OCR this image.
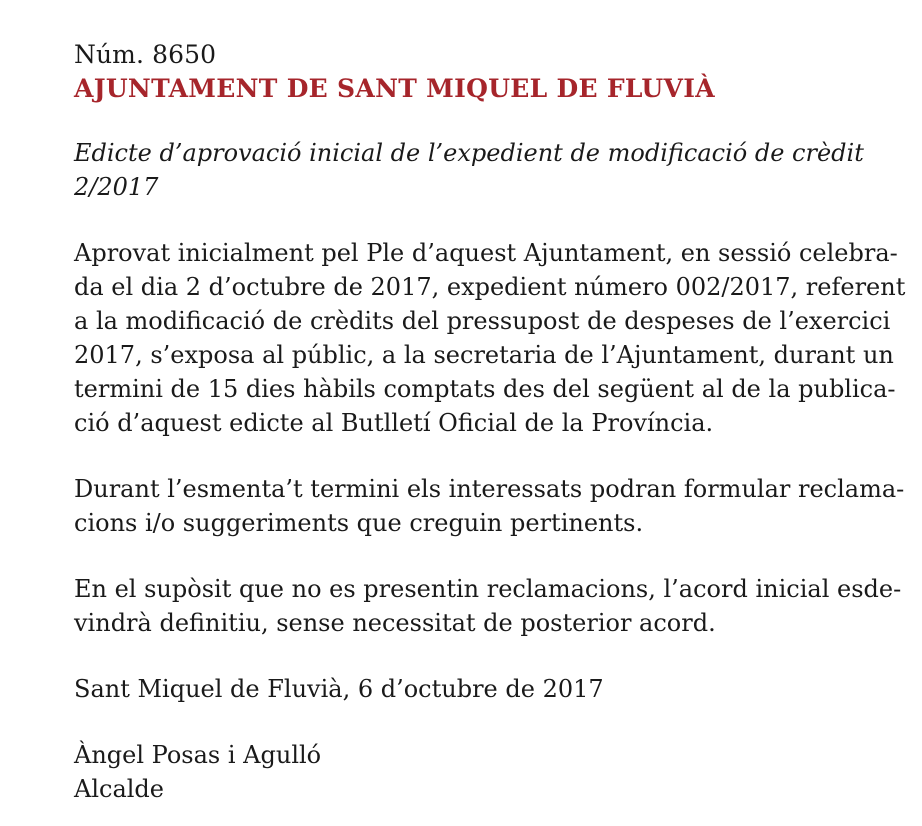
Núm. 8650

AJUNTAMENT DE SANT MIQUEL DE FLUVIÀ

Edicte d’aprovació inicial de l’expedient de modificació de crèdit 2/2017

Aprovat inicialment pel Ple d’aquest Ajuntament, en sessió celebra-
da el dia 2 d’octubre de 2017, expedient número 002/2017, referent
a la modificació de crèdits del pressupost de despeses de l’exercici
2017, s’exposa al públic, a la secretaria de l’Ajuntament, durant un
termini de 15 dies hàbils comptats des del següent al de la publica-
ció d’aquest edicte al Butlletí Oficial de la Província.
Durant l’esmenta’t termini els interessats podran formular reclama-
cions i/o suggeriments que creguin pertinents.
En el supòsit que no es presentin reclamacions, l’acord inicial esde-
vindrà definitiu, sense necessitat de posterior acord.

Sant Miquel de Fluvià, 6 d’octubre de 2017

Àngel Posas i Agulló

Alcalde
